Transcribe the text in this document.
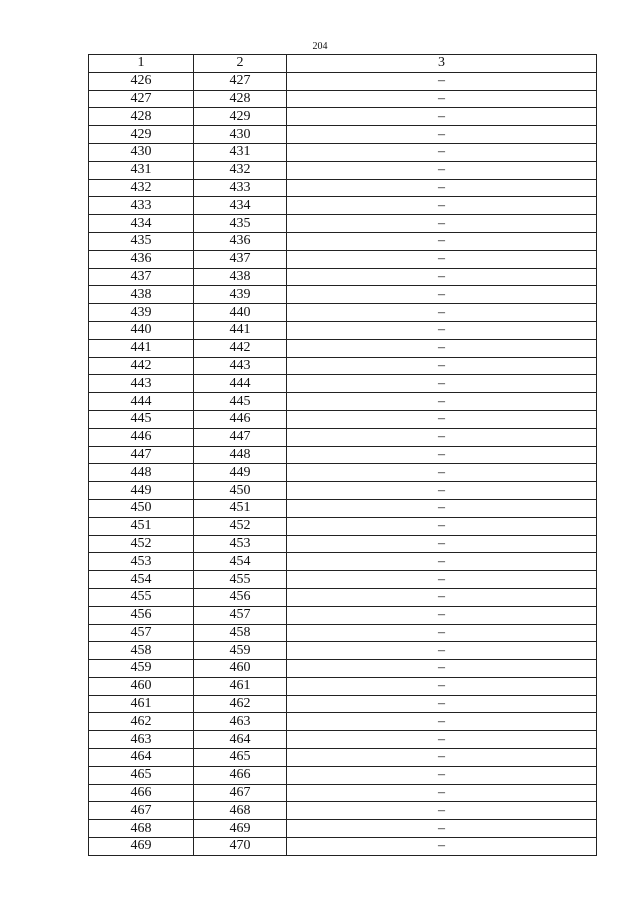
204
1	2	3
426	427	–
427	428	–
428	429	–
429	430	–
430	431	–
431	432	–
432	433	–
433	434	–
434	435	–
435	436	–
436	437	–
437	438	–
438	439	–
439	440	–
440	441	–
441	442	–
442	443	–
443	444	–
444	445	–
445	446	–
446	447	–
447	448	–
448	449	–
449	450	–
450	451	–
451	452	–
452	453	–
453	454	–
454	455	–
455	456	–
456	457	–
457	458	–
458	459	–
459	460	–
460	461	–
461	462	–
462	463	–
463	464	–
464	465	–
465	466	–
466	467	–
467	468	–
468	469	–
469	470	–
